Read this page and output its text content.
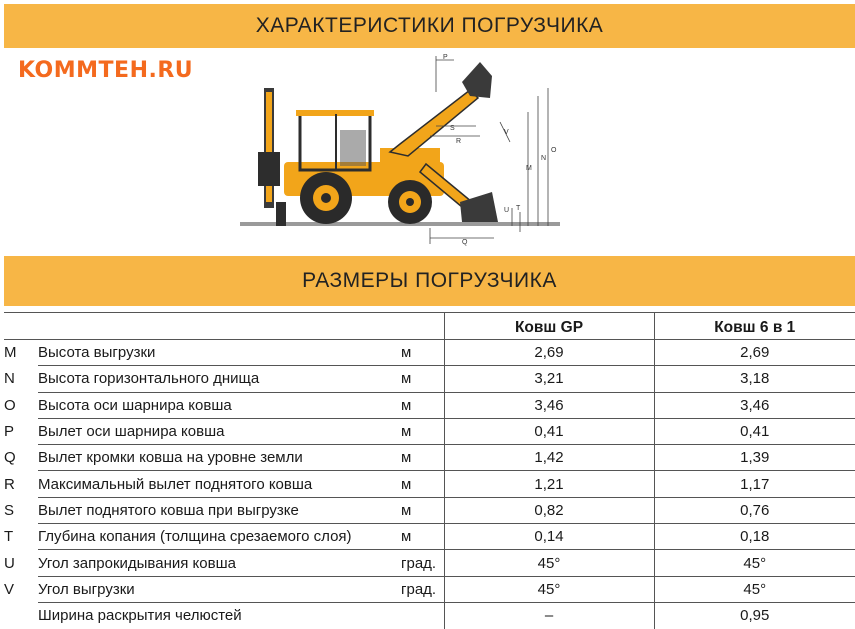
ХАРАКТЕРИСТИКИ ПОГРУЗЧИКА
KOMMTEH.RU
P
S
R
V
N
O
M
U T
Q
РАЗМЕРЫ ПОГРУЗЧИКА
			Ковш GP	Ковш 6 в 1
M	Высота выгрузки	м	2,69	2,69
N	Высота горизонтального днища	м	3,21	3,18
O	Высота оси шарнира ковша	м	3,46	3,46
P	Вылет оси шарнира ковша	м	0,41	0,41
Q	Вылет кромки ковша на уровне земли	м	1,42	1,39
R	Максимальный вылет поднятого ковша	м	1,21	1,17
S	Вылет поднятого ковша при выгрузке	м	0,82	0,76
T	Глубина копания (толщина срезаемого слоя)	м	0,14	0,18
U	Угол запрокидывания ковша	град.	45°	45°
V	Угол выгрузки	град.	45°	45°
	Ширина раскрытия челюстей		–	0,95
